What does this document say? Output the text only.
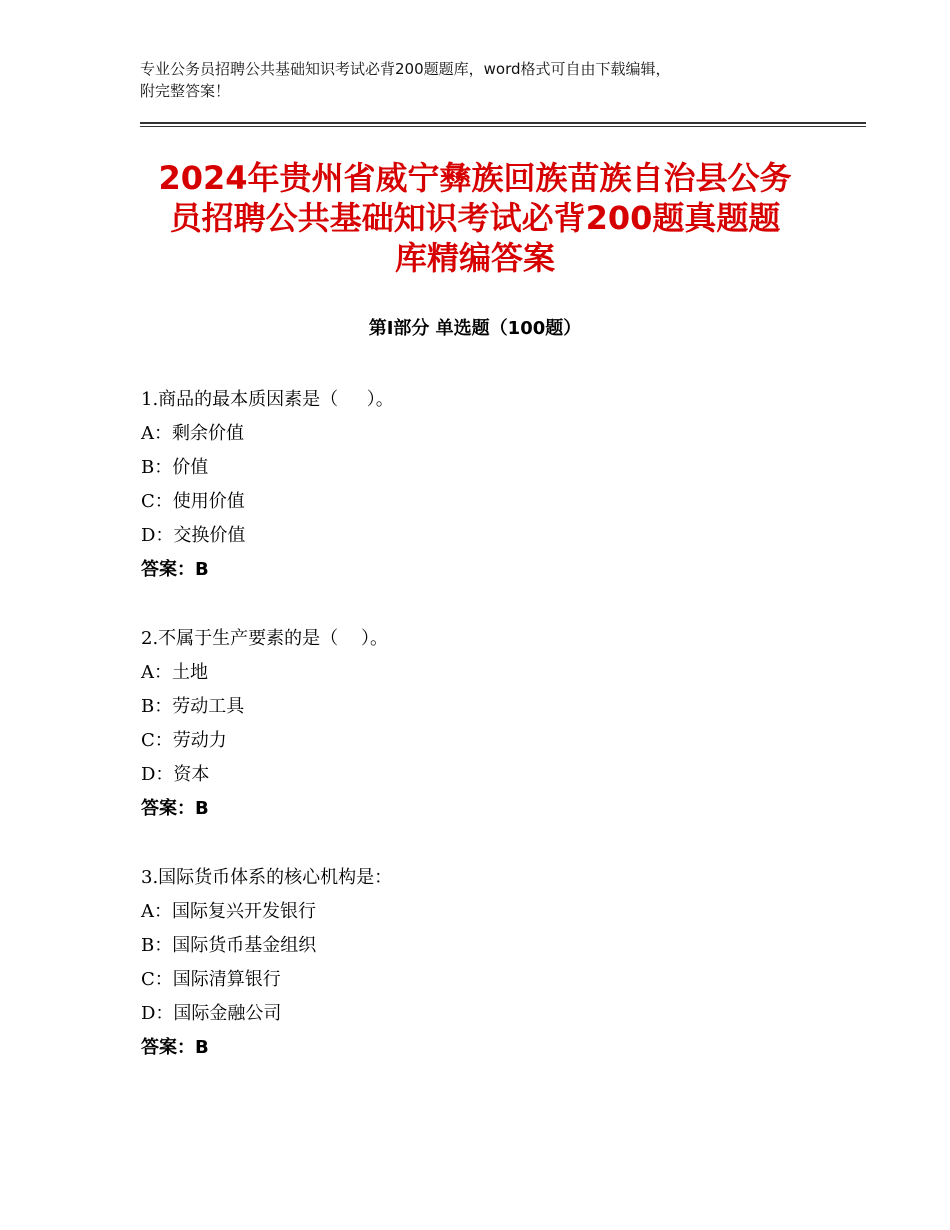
专业公务员招聘公共基础知识考试必背200题题库，word格式可自由下载编辑，
附完整答案！
2024年贵州省威宁彝族回族苗族自治县公务
员招聘公共基础知识考试必背200题真题题
库精编答案
第Ⅰ部分 单选题（100题）
1.商品的最本质因素是（     ）。
A：剩余价值
B：价值
C：使用价值
D：交换价值
答案：B
2.不属于生产要素的是（    ）。
A：土地
B：劳动工具
C：劳动力
D：资本
答案：B
3.国际货币体系的核心机构是：
A：国际复兴开发银行
B：国际货币基金组织
C：国际清算银行
D：国际金融公司
答案：B
